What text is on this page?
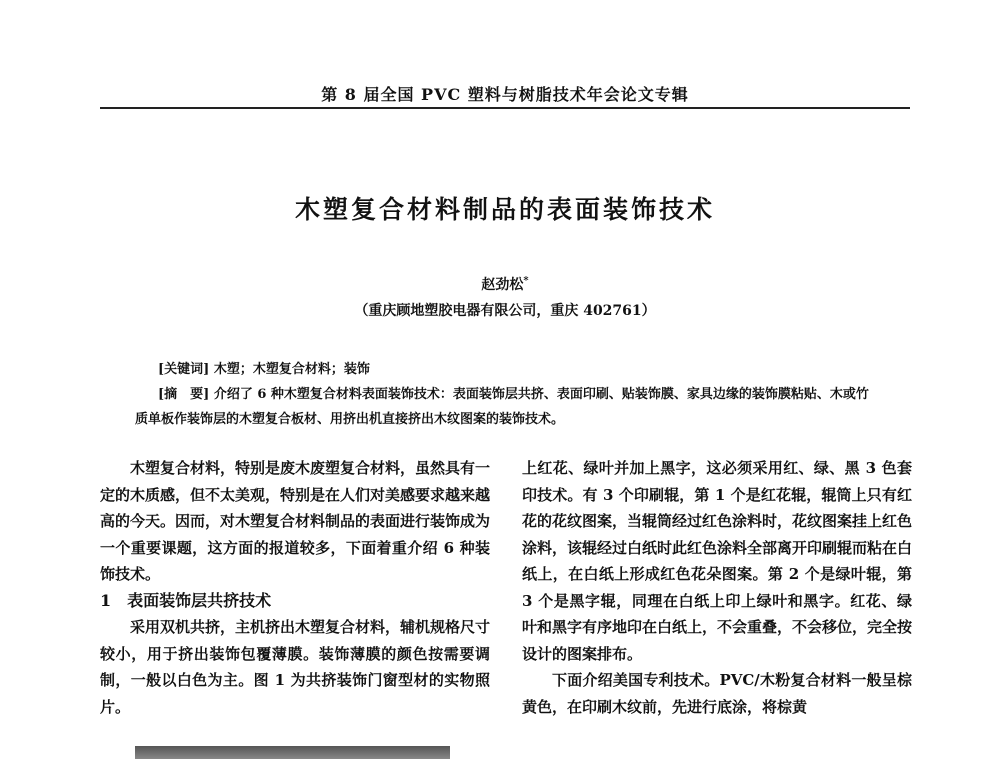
第 8 届全国 PVC 塑料与树脂技术年会论文专辑
木塑复合材料制品的表面装饰技术
赵劲松*
（重庆顾地塑胶电器有限公司，重庆 402761）
[关键词] 木塑；木塑复合材料；装饰
[摘　要] 介绍了 6 种木塑复合材料表面装饰技术：表面装饰层共挤、表面印刷、贴装饰膜、家具边缘的装饰膜粘贴、木或竹质单板作装饰层的木塑复合板材、用挤出机直接挤出木纹图案的装饰技术。

木塑复合材料，特别是废木废塑复合材料，虽然具有一定的木质感，但不太美观，特别是在人们对美感要求越来越高的今天。因而，对木塑复合材料制品的表面进行装饰成为一个重要课题，这方面的报道较多，下面着重介绍 6 种装饰技术。

1　表面装饰层共挤技术

采用双机共挤，主机挤出木塑复合材料，辅机规格尺寸较小，用于挤出装饰包覆薄膜。装饰薄膜的颜色按需要调制，一般以白色为主。图 1 为共挤装饰门窗型材的实物照片。

上红花、绿叶并加上黑字，这必须采用红、绿、黑 3 色套印技术。有 3 个印刷辊，第 1 个是红花辊，辊筒上只有红花的花纹图案，当辊筒经过红色涂料时，花纹图案挂上红色涂料，该辊经过白纸时此红色涂料全部离开印刷辊而粘在白纸上，在白纸上形成红色花朵图案。第 2 个是绿叶辊，第 3 个是黑字辊，同理在白纸上印上绿叶和黑字。红花、绿叶和黑字有序地印在白纸上，不会重叠，不会移位，完全按设计的图案排布。

下面介绍美国专利技术。PVC/木粉复合材料一般呈棕黄色，在印刷木纹前，先进行底涂，将棕黄
